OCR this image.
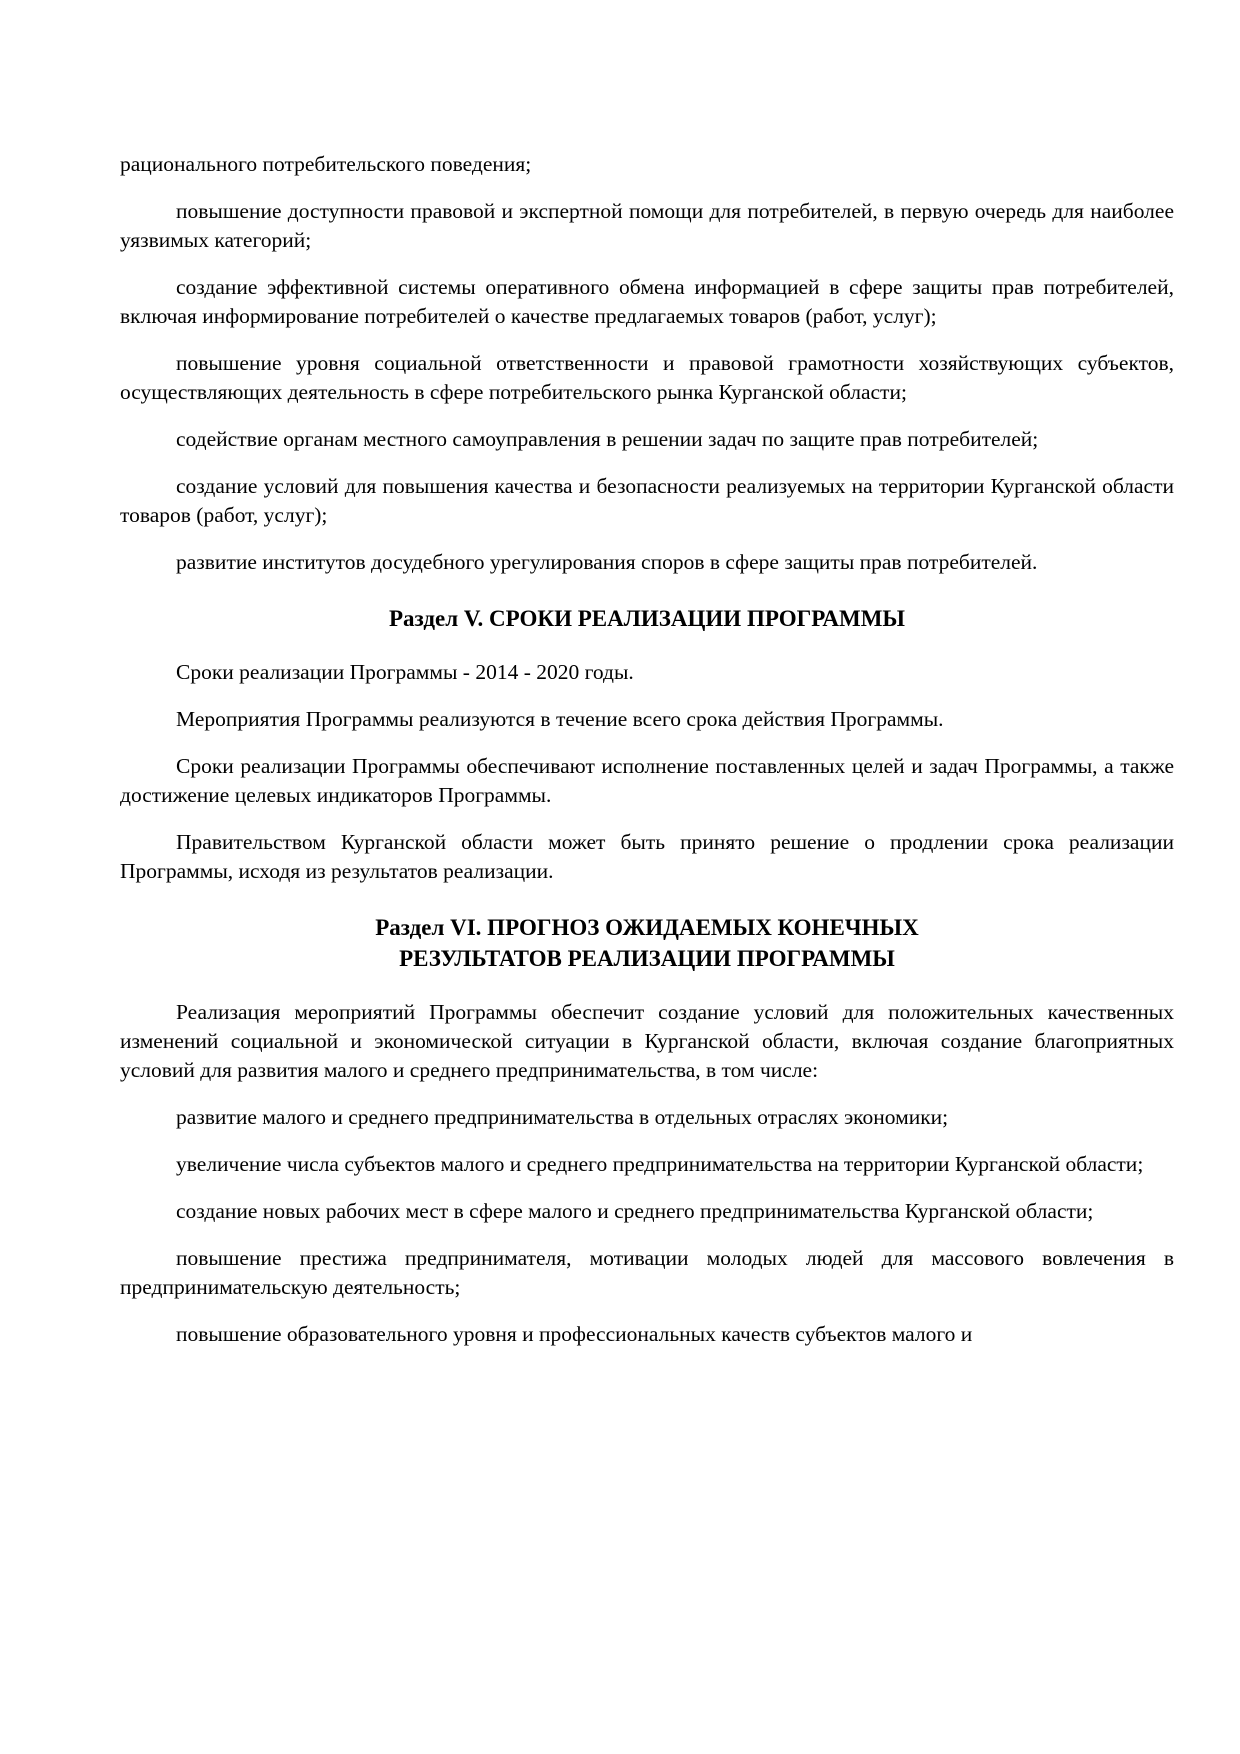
рационального потребительского поведения;

повышение доступности правовой и экспертной помощи для потребителей, в первую очередь для наиболее уязвимых категорий;

создание эффективной системы оперативного обмена информацией в сфере защиты прав потребителей, включая информирование потребителей о качестве предлагаемых товаров (работ, услуг);

повышение уровня социальной ответственности и правовой грамотности хозяйствующих субъектов, осуществляющих деятельность в сфере потребительского рынка Курганской области;

содействие органам местного самоуправления в решении задач по защите прав потребителей;

создание условий для повышения качества и безопасности реализуемых на территории Курганской области товаров (работ, услуг);

развитие институтов досудебного урегулирования споров в сфере защиты прав потребителей.

Раздел V. СРОКИ РЕАЛИЗАЦИИ ПРОГРАММЫ

Сроки реализации Программы - 2014 - 2020 годы.

Мероприятия Программы реализуются в течение всего срока действия Программы.

Сроки реализации Программы обеспечивают исполнение поставленных целей и задач Программы, а также достижение целевых индикаторов Программы.

Правительством Курганской области может быть принято решение о продлении срока реализации Программы, исходя из результатов реализации.

Раздел VI. ПРОГНОЗ ОЖИДАЕМЫХ КОНЕЧНЫХ
РЕЗУЛЬТАТОВ РЕАЛИЗАЦИИ ПРОГРАММЫ

Реализация мероприятий Программы обеспечит создание условий для положительных качественных изменений социальной и экономической ситуации в Курганской области, включая создание благоприятных условий для развития малого и среднего предпринимательства, в том числе:

развитие малого и среднего предпринимательства в отдельных отраслях экономики;

увеличение числа субъектов малого и среднего предпринимательства на территории Курганской области;

создание новых рабочих мест в сфере малого и среднего предпринимательства Курганской области;

повышение престижа предпринимателя, мотивации молодых людей для массового вовлечения в предпринимательскую деятельность;

повышение образовательного уровня и профессиональных качеств субъектов малого и
